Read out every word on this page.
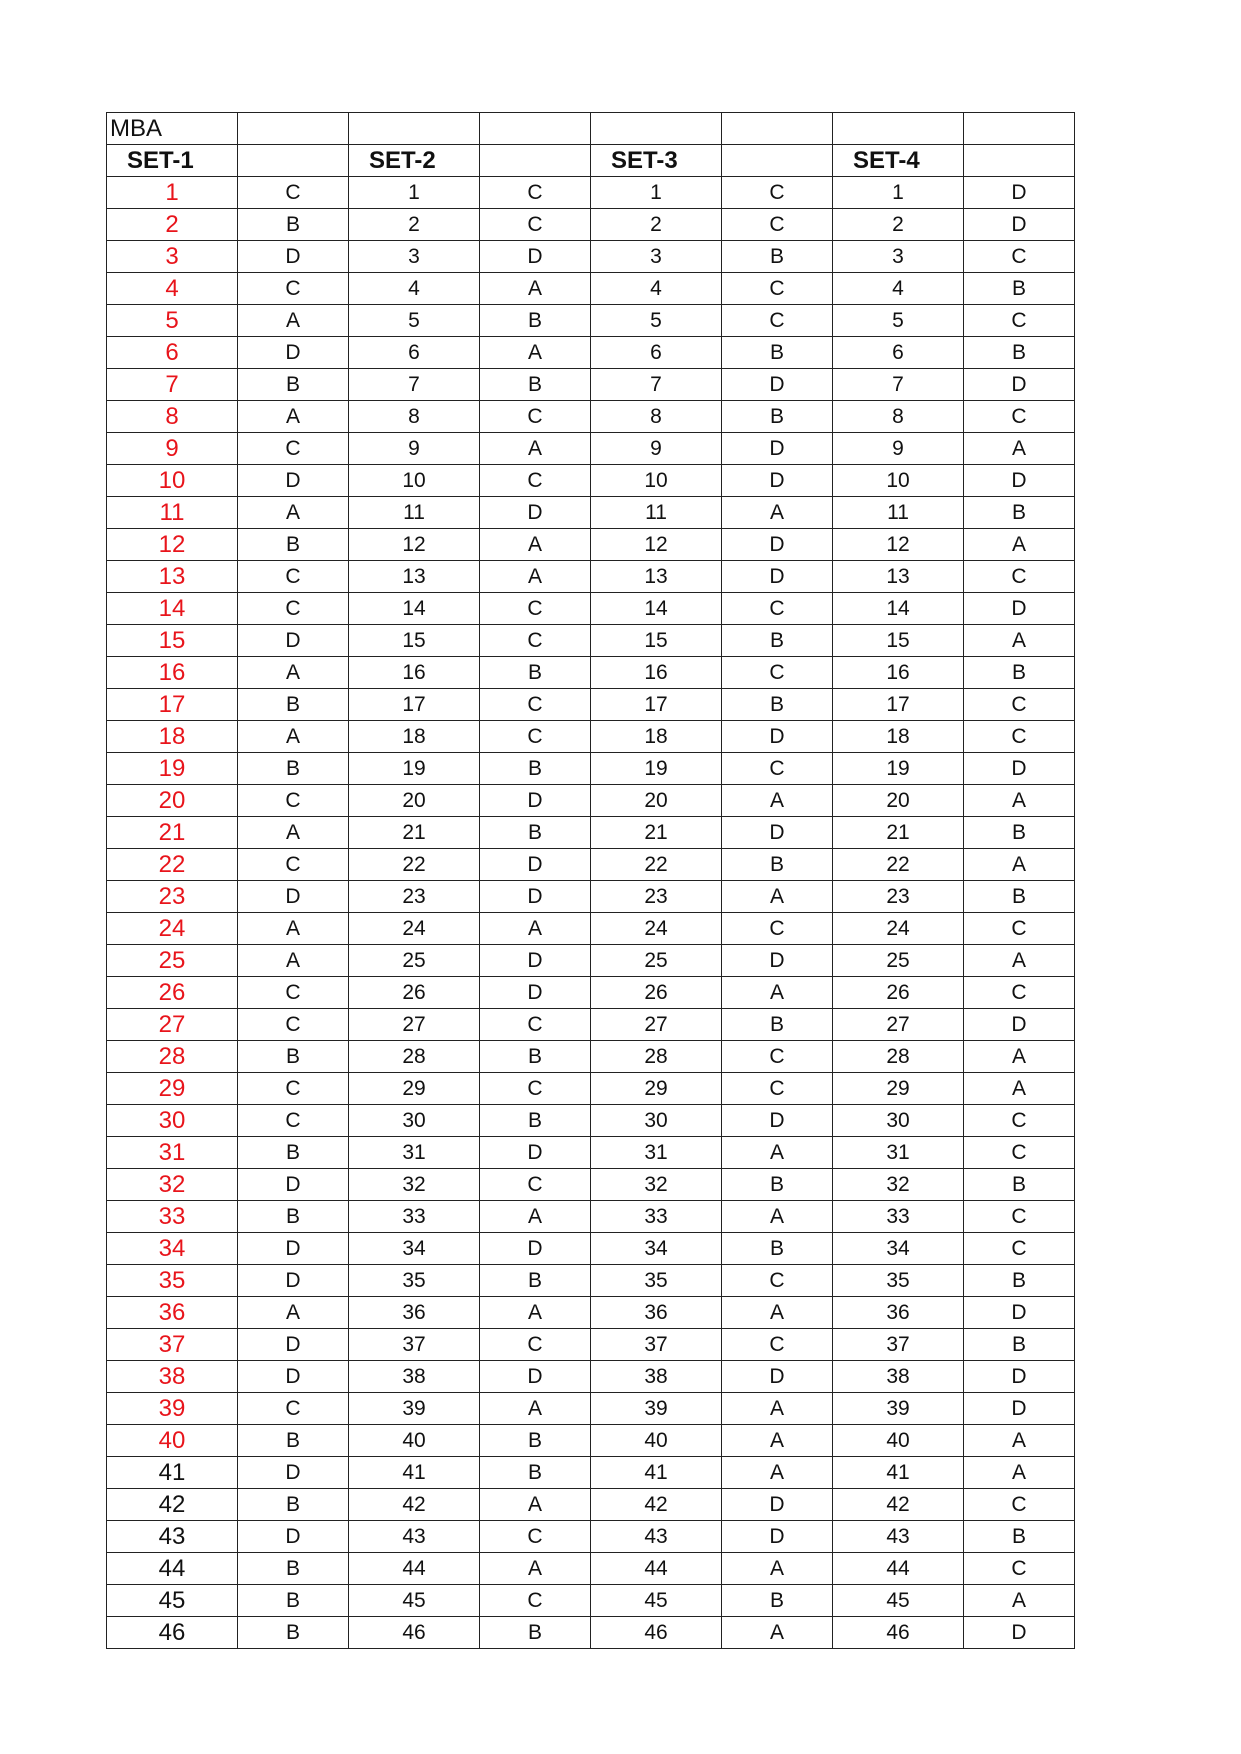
MBA							
SET-1		SET-2		SET-3		SET-4	
1	C	1	C	1	C	1	D
2	B	2	C	2	C	2	D
3	D	3	D	3	B	3	C
4	C	4	A	4	C	4	B
5	A	5	B	5	C	5	C
6	D	6	A	6	B	6	B
7	B	7	B	7	D	7	D
8	A	8	C	8	B	8	C
9	C	9	A	9	D	9	A
10	D	10	C	10	D	10	D
11	A	11	D	11	A	11	B
12	B	12	A	12	D	12	A
13	C	13	A	13	D	13	C
14	C	14	C	14	C	14	D
15	D	15	C	15	B	15	A
16	A	16	B	16	C	16	B
17	B	17	C	17	B	17	C
18	A	18	C	18	D	18	C
19	B	19	B	19	C	19	D
20	C	20	D	20	A	20	A
21	A	21	B	21	D	21	B
22	C	22	D	22	B	22	A
23	D	23	D	23	A	23	B
24	A	24	A	24	C	24	C
25	A	25	D	25	D	25	A
26	C	26	D	26	A	26	C
27	C	27	C	27	B	27	D
28	B	28	B	28	C	28	A
29	C	29	C	29	C	29	A
30	C	30	B	30	D	30	C
31	B	31	D	31	A	31	C
32	D	32	C	32	B	32	B
33	B	33	A	33	A	33	C
34	D	34	D	34	B	34	C
35	D	35	B	35	C	35	B
36	A	36	A	36	A	36	D
37	D	37	C	37	C	37	B
38	D	38	D	38	D	38	D
39	C	39	A	39	A	39	D
40	B	40	B	40	A	40	A
41	D	41	B	41	A	41	A
42	B	42	A	42	D	42	C
43	D	43	C	43	D	43	B
44	B	44	A	44	A	44	C
45	B	45	C	45	B	45	A
46	B	46	B	46	A	46	D
